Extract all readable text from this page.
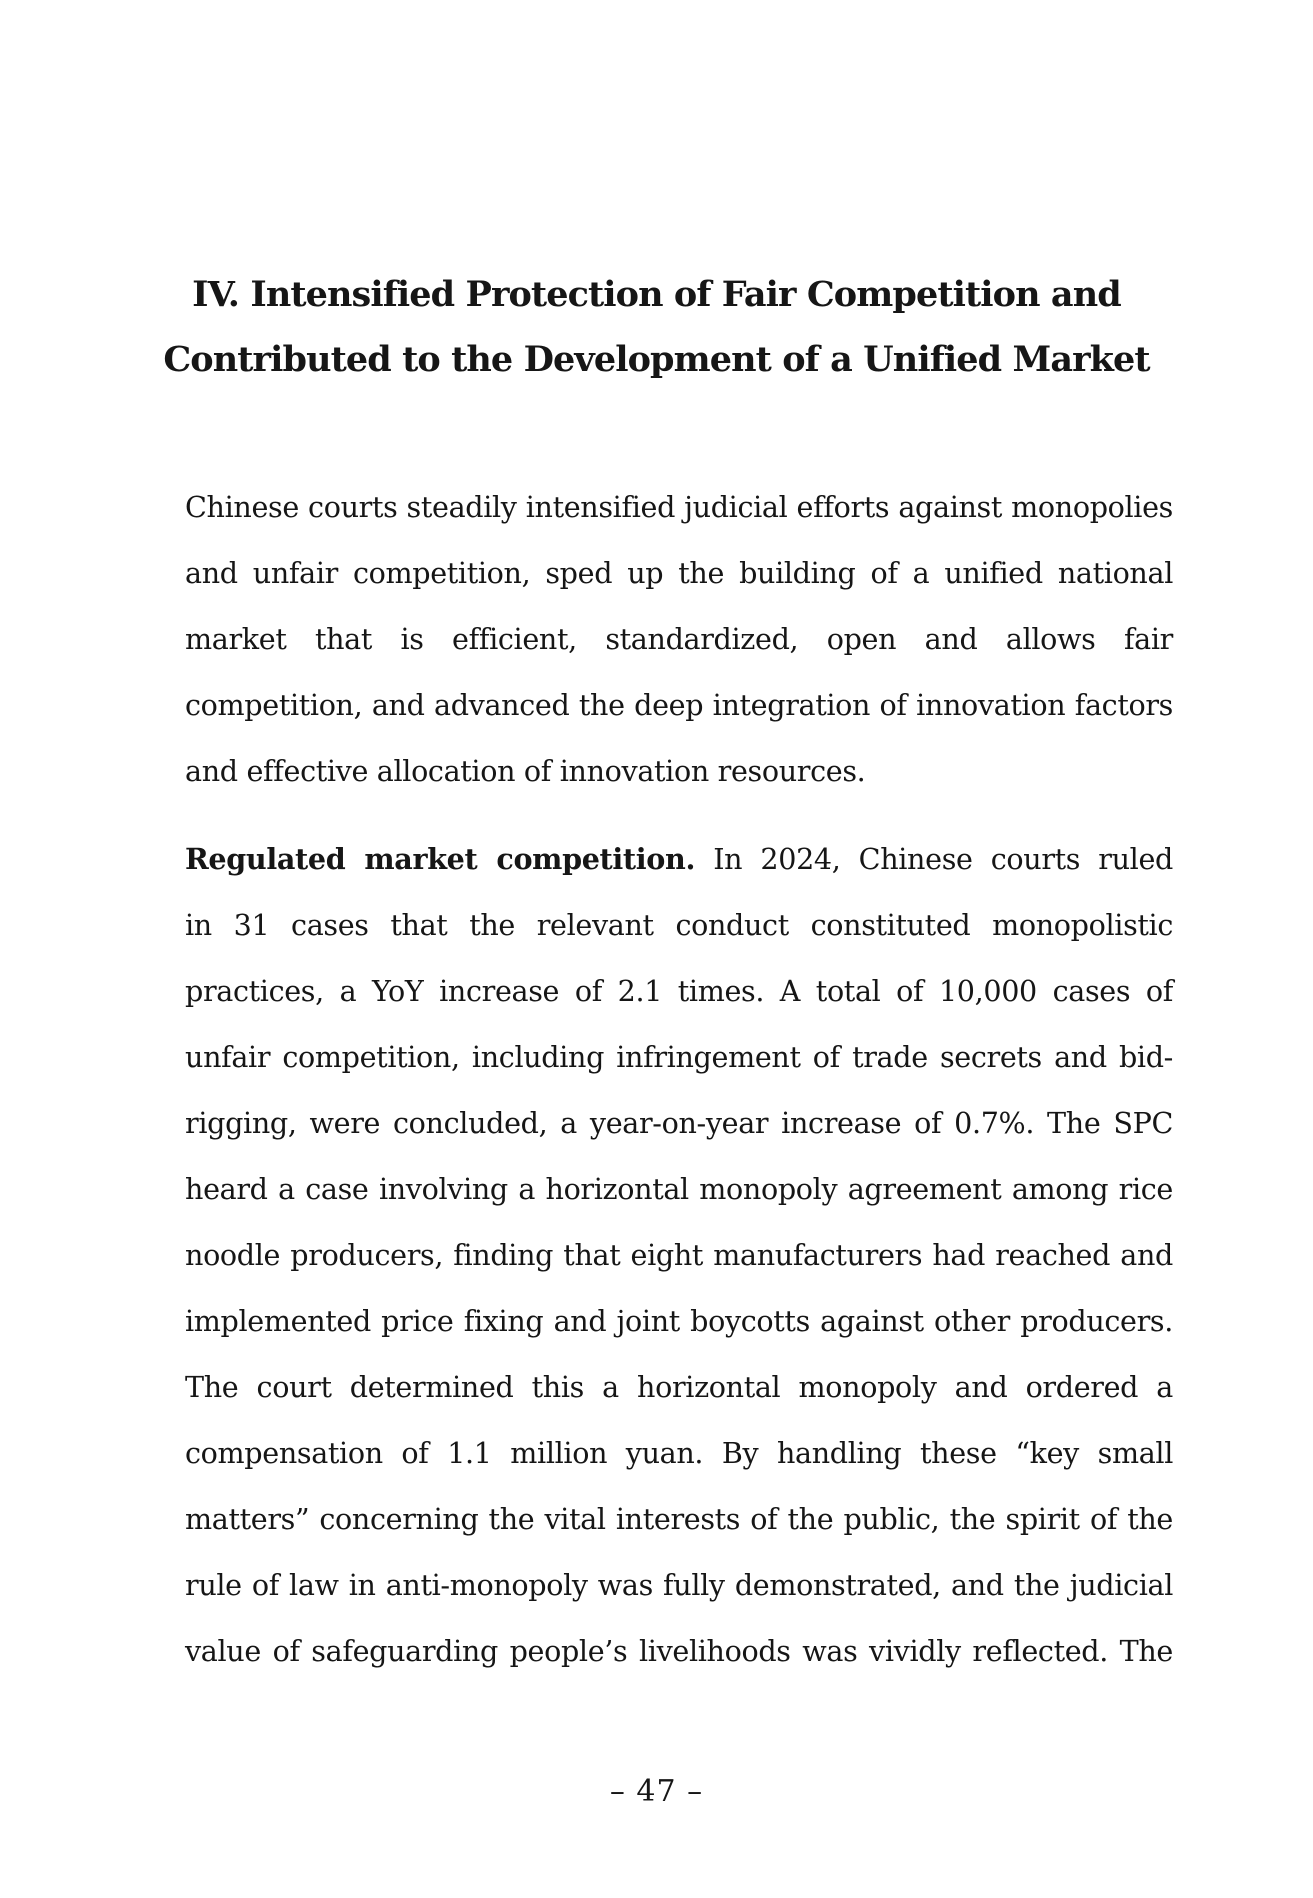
IV. Intensified Protection of Fair Competition and
Contributed to the Development of a Unified Market
Chinese courts steadily intensified judicial efforts against monopolies
and unfair competition, sped up the building of a unified national
market that is efficient, standardized, open and allows fair
competition, and advanced the deep integration of innovation factors
and effective allocation of innovation resources.
Regulated market competition. In 2024, Chinese courts ruled
in 31 cases that the relevant conduct constituted monopolistic
practices, a YoY increase of 2.1 times. A total of 10,000 cases of
unfair competition, including infringement of trade secrets and bid-
rigging, were concluded, a year-on-year increase of 0.7%. The SPC
heard a case involving a horizontal monopoly agreement among rice
noodle producers, finding that eight manufacturers had reached and
implemented price fixing and joint boycotts against other producers.
The court determined this a horizontal monopoly and ordered a
compensation of 1.1 million yuan. By handling these “key small
matters” concerning the vital interests of the public, the spirit of the
rule of law in anti-monopoly was fully demonstrated, and the judicial
value of safeguarding people’s livelihoods was vividly reflected. The
– 47 –
